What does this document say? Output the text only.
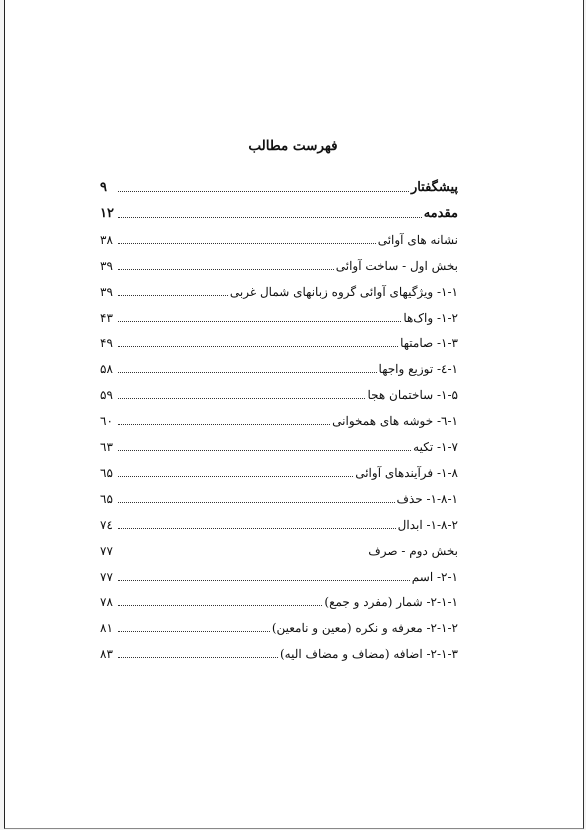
فهرست مطالب
پیشگفتار
۹
مقدمه
۱۲
نشانه های آوائی
۳۸
بخش اول - ساخت آوائی
۳۹
۱-۱- ویژگیهای آوائی گروه زبانهای شمال غربی
۳۹
۱-۲- واک‌ها
۴۳
۱-۳- صامتها
۴۹
۱-٤- توزیع واجها
۵۸
۱-۵- ساختمان هجا
۵۹
۱-٦- خوشه های همخوانی
٦۰
۱-۷- تکیه
٦۳
۱-۸- فرآیندهای آوائی
٦۵
۱-۸-۱- حذف
٦۵
۱-۸-۲- ابدال
۷٤
بخش دوم - صرف
۷۷
۲-۱- اسم
۷۷
۲-۱-۱- شمار (مفرد و جمع)
۷۸
۲-۱-۲- معرفه و نکره (معین و نامعین)
۸۱
۲-۱-۳- اضافه (مضاف و مضاف الیه)
۸۳
